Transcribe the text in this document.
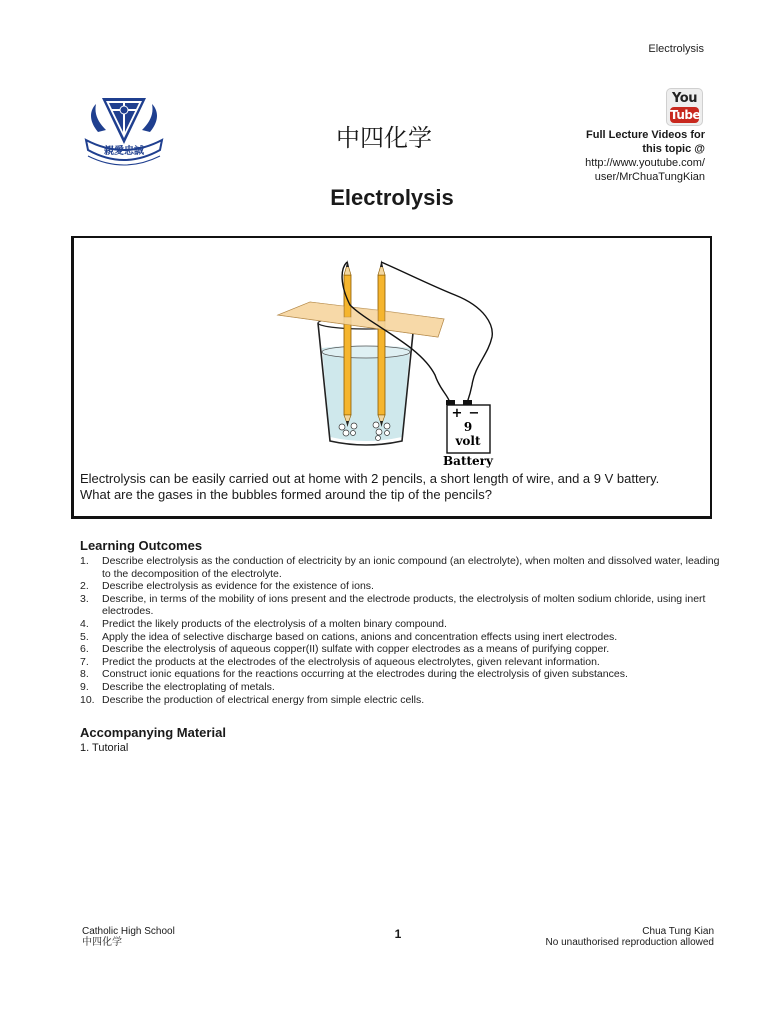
Electrolysis
親愛忠誠	中四化学
Electrolysis
You
Tube
Full Lecture Videos for
this topic @
http://www.youtube.com/
user/MrChuaTungKian
+ −
9
volt
Battery
Electrolysis can be easily carried out at home with 2 pencils, a short length of wire, and a 9 V battery.
What are the gases in the bubbles formed around the tip of the pencils?
Learning Outcomes
1.	Describe electrolysis as the conduction of electricity by an ionic compound (an electrolyte), when molten and dissolved water, leading to the decomposition of the electrolyte.
2.	Describe electrolysis as evidence for the existence of ions.
3.	Describe, in terms of the mobility of ions present and the electrode products, the electrolysis of molten sodium chloride, using inert electrodes.
4.	Predict the likely products of the electrolysis of a molten binary compound.
5.	Apply the idea of selective discharge based on cations, anions and concentration effects using inert electrodes.
6.	Describe the electrolysis of aqueous copper(II) sulfate with copper electrodes as a means of purifying copper.
7.	Predict the products at the electrodes of the electrolysis of aqueous electrolytes, given relevant information.
8.	Construct ionic equations for the reactions occurring at the electrodes during the electrolysis of given substances.
9.	Describe the electroplating of metals.
10. Describe the production of electrical energy from simple electric cells.
Accompanying Material
1. Tutorial
Catholic High School
中四化学
1	Chua Tung Kian
No unauthorised reproduction allowed
